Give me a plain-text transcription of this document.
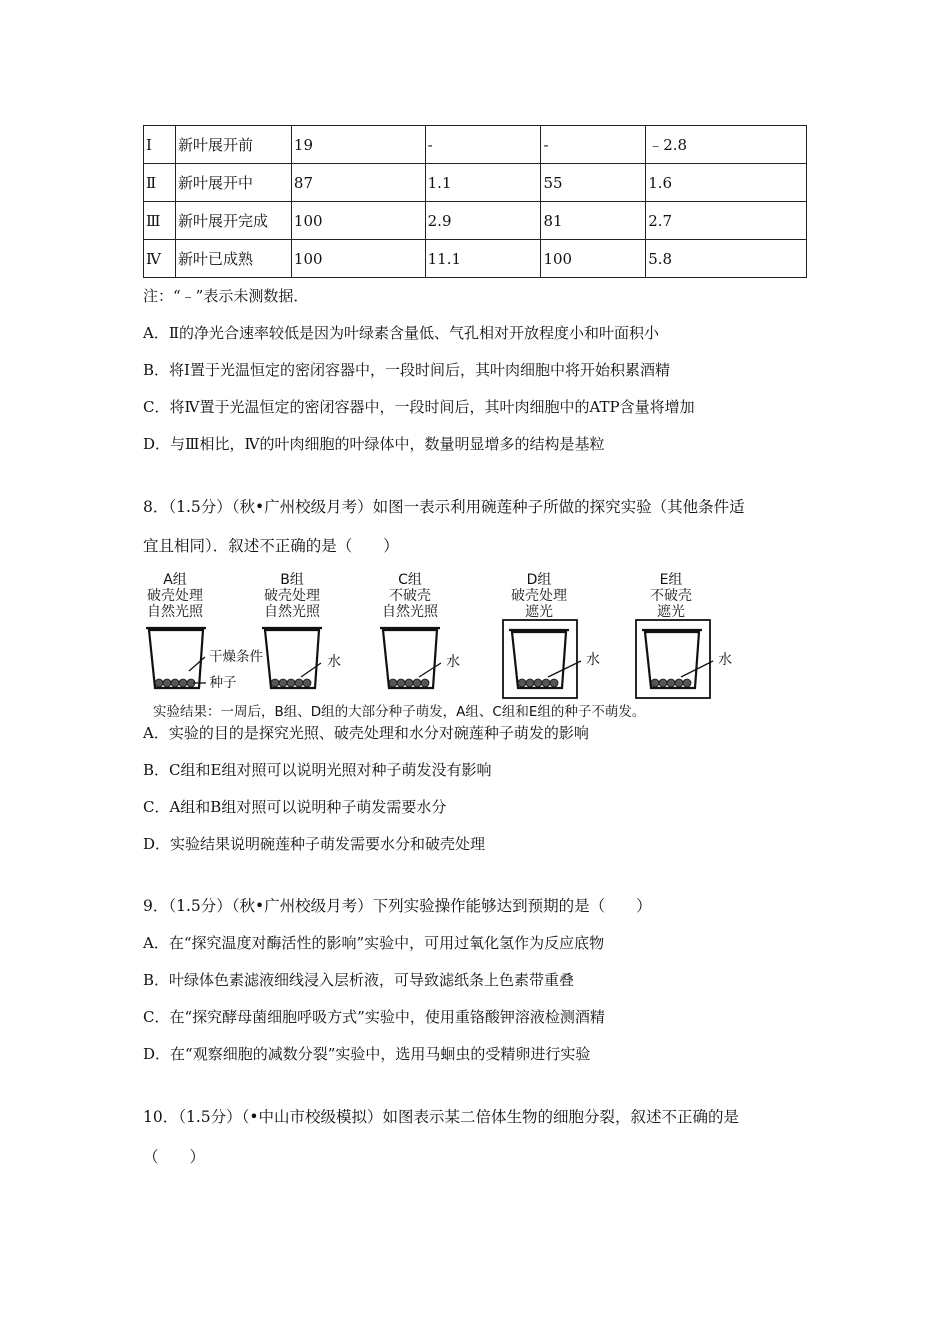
Ⅰ	新叶展开前	19	-	-	﹣2.8
Ⅱ	新叶展开中	87	1.1	55	1.6
Ⅲ	新叶展开完成	100	2.9	81	2.7
Ⅳ	新叶已成熟	100	11.1	100	5.8
注：“﹣”表示未测数据．
A．Ⅱ的净光合速率较低是因为叶绿素含量低、气孔相对开放程度小和叶面积小
B．将Ⅰ置于光温恒定的密闭容器中，一段时间后，其叶肉细胞中将开始积累酒精
C．将Ⅳ置于光温恒定的密闭容器中，一段时间后，其叶肉细胞中的ATP含量将增加
D．与Ⅲ相比，Ⅳ的叶肉细胞的叶绿体中，数量明显增多的结构是基粒
8．（1.5分）（秋•广州校级月考）如图一表示利用碗莲种子所做的探究实验（其他条件适
宜且相同）．叙述不正确的是（　　）
A组
破壳处理
自然光照
干燥条件
种子
B组
破壳处理
自然光照
水
C组
不破壳
自然光照
水
D组
破壳处理
遮光
水
E组
不破壳
遮光
水
实验结果：一周后，B组、D组的大部分种子萌发，A组、C组和E组的种子不萌发。
A．实验的目的是探究光照、破壳处理和水分对碗莲种子萌发的影响
B．C组和E组对照可以说明光照对种子萌发没有影响
C．A组和B组对照可以说明种子萌发需要水分
D．实验结果说明碗莲种子萌发需要水分和破壳处理
9．（1.5分）（秋•广州校级月考）下列实验操作能够达到预期的是（　　）
A．在“探究温度对酶活性的影响”实验中，可用过氧化氢作为反应底物
B．叶绿体色素滤液细线浸入层析液，可导致滤纸条上色素带重叠
C．在“探究酵母菌细胞呼吸方式”实验中，使用重铬酸钾溶液检测酒精
D．在“观察细胞的减数分裂”实验中，选用马蛔虫的受精卵进行实验
10．（1.5分）（•中山市校级模拟）如图表示某二倍体生物的细胞分裂，叙述不正确的是
（　　）
